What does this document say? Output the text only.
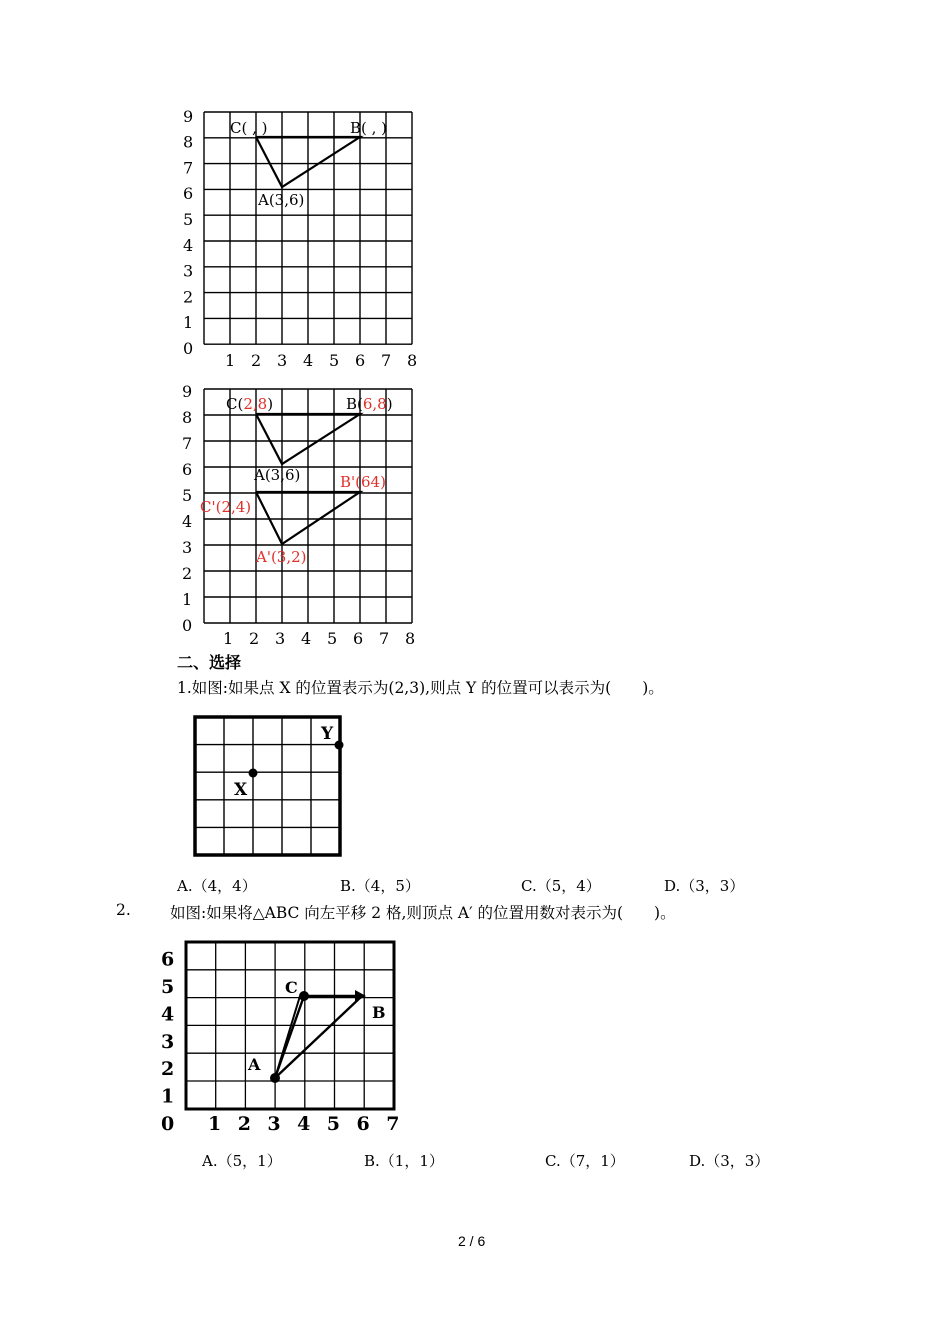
0
1
2
3
4
5
6
7
8
9
1 2 3 4 5 6 7 8
C( , )	B( , )
A(3,6)
0
1
2
3
4
5
6
7
8
9
1 2 3 4 5 6 7 8
C(2,8)	B(6,8)
A(3,6)	B'(64)
C'(2,4)
A'(3,2)
二、选择
1.如图:如果点 X 的位置表示为(2,3),则点 Y 的位置可以表示为(　　)。
X
Y
A.（4，4）	B.（4，5）	C.（5，4）	D.（3，3）
2.	如图:如果将△ABC 向左平移 2 格,则顶点 A′ 的位置用数对表示为(　　)。
0
1
2
3
4
5
6
1 2 3 4 5 6 7
A
B
C
A.（5，1）	B.（1，1）	C.（7，1）	D.（3，3）
2 / 6
